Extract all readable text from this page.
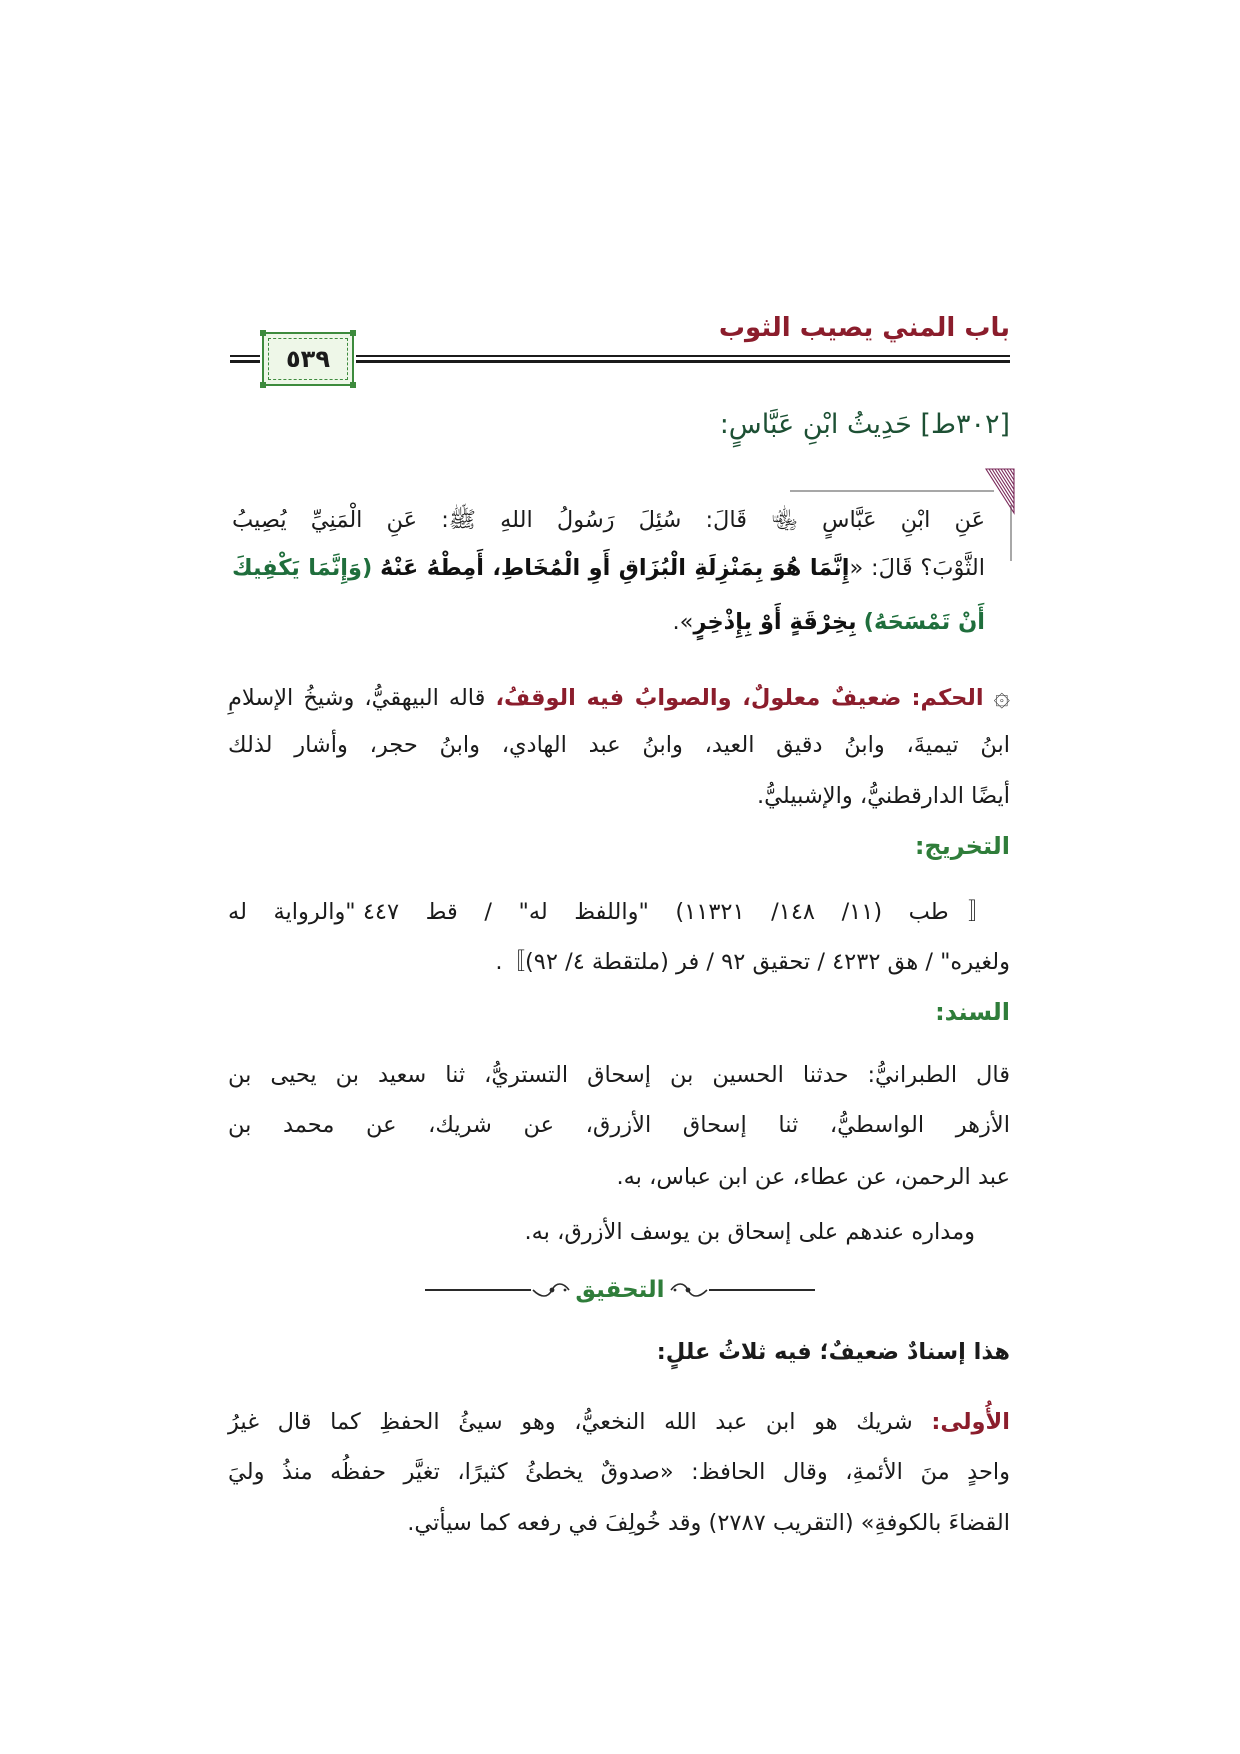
باب المني يصيب الثوب
٥٣٩
[٣٠٢ط] حَدِيثُ ابْنِ عَبَّاسٍ:

عَنِ ابْنِ عَبَّاسٍ ﵄ قَالَ: سُئِلَ رَسُولُ اللهِ ﷺ: عَنِ الْمَنِيِّ يُصِيبُ

الثَّوْبَ؟ قَالَ: «إِنَّمَا هُوَ بِمَنْزِلَةِ الْبُزَاقِ أَوِ الْمُخَاطِ، أَمِطْهُ عَنْهُ (وَإِنَّمَا يَكْفِيكَ

أَنْ تَمْسَحَهُ) بِخِرْقَةٍ أَوْ بِإِذْخِرٍ».

۞ الحكم: ضعيفٌ معلولٌ، والصوابُ فيه الوقفُ، قاله البيهقيُّ، وشيخُ الإسلامِ

ابنُ تيميةَ، وابنُ دقيق العيد، وابنُ عبد الهادي، وابنُ حجر، وأشار لذلك

أيضًا الدارقطنيُّ، والإشبيليُّ.

التخريج:

〚طب (١١/ ١٤٨/ ١١٣٢١) "واللفظ له" / قط ٤٤٧ "والرواية له

ولغيره" / هق ٤٢٣٢ / تحقيق ٩٢ / فر (ملتقطة ٤/ ٩٢)〛.

السند:

قال الطبرانيُّ: حدثنا الحسين بن إسحاق التستريُّ، ثنا سعيد بن يحيى بن

الأزهر الواسطيُّ، ثنا إسحاق الأزرق، عن شريك، عن محمد بن

عبد الرحمن، عن عطاء، عن ابن عباس، به.

ومداره عندهم على إسحاق بن يوسف الأزرق، به.

التحقيق

هذا إسنادٌ ضعيفٌ؛ فيه ثلاثُ عللٍ:

الأُولى: شريك هو ابن عبد الله النخعيُّ، وهو سيئُ الحفظِ كما قال غيرُ

واحدٍ منَ الأئمةِ، وقال الحافظ: «صدوقٌ يخطئُ كثيرًا، تغيَّر حفظُه منذُ وليَ

القضاءَ بالكوفةِ» (التقريب ٢٧٨٧) وقد خُولِفَ في رفعه كما سيأتي.
